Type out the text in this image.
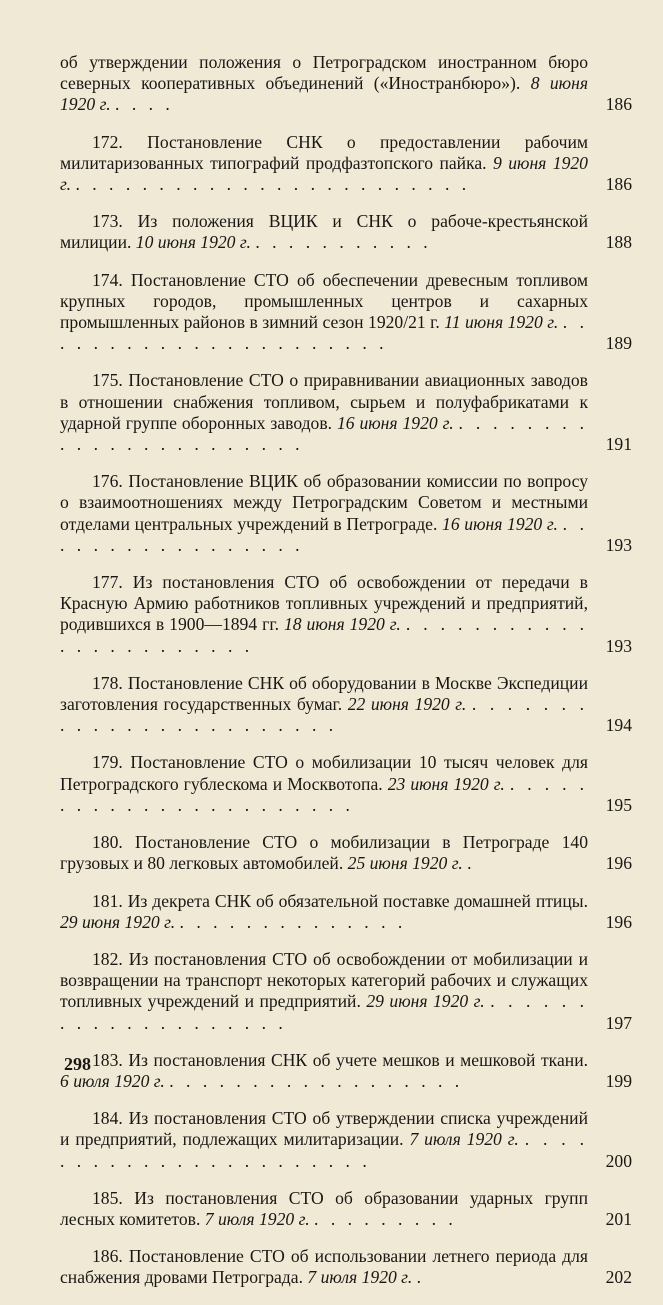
об утверждении положения о Петроградском иностранном бюро северных кооперативных объединений («Иностранбюро»). 8 июня 1920 г. . . . .	186

172. Постановление СНК о предоставлении рабочим милитаризованных типографий продфазтопского пайка. 9 июня 1920 г. . . . . . . . . . . . . . . . . . . . . . . . .	186

173. Из положения ВЦИК и СНК о рабоче-крестьянской милиции. 10 июня 1920 г. . . . . . . . . . . .	188

174. Постановление СТО об обеспечении древесным топливом крупных городов, промышленных центров и сахарных промышленных районов в зимний сезон 1920/21 г. 11 июня 1920 г. . . . . . . . . . . . . . . . . . . . . . .	189

175. Постановление СТО о приравнивании авиационных заводов в отношении снабжения топливом, сырьем и полуфабрикатами к ударной группе оборонных заводов. 16 июня 1920 г. . . . . . . . . . . . . . . . . . . . . . . .	191

176. Постановление ВЦИК об образовании комиссии по вопросу о взаимоотношениях между Петроградским Советом и местными отделами центральных учреждений в Петрограде. 16 июня 1920 г. . . . . . . . . . . . . . . . . .	193

177. Из постановления СТО об освобождении от передачи в Красную Армию работников топливных учреждений и предприятий, родившихся в 1900—1894 гг. 18 июня 1920 г. . . . . . . . . . . . . . . . . . . . . . . .	193

178. Постановление СНК об оборудовании в Москве Экспедиции заготовления государственных бумаг. 22 июня 1920 г. . . . . . . . . . . . . . . . . . . . . . . . .	194

179. Постановление СТО о мобилизации 10 тысяч человек для Петроградского гублескома и Москвотопа. 23 июня 1920 г. . . . . . . . . . . . . . . . . . . . . . . .	195

180. Постановление СТО о мобилизации в Петрограде 140 грузовых и 80 легковых автомобилей. 25 июня 1920 г. .	196

181. Из декрета СНК об обязательной поставке домашней птицы. 29 июня 1920 г. . . . . . . . . . . . . . .	196

182. Из постановления СТО об освобождении от мобилизации и возвращении на транспорт некоторых категорий рабочих и служащих топливных учреждений и предприятий. 29 июня 1920 г. . . . . . . . . . . . . . . . . . . . .	197

183. Из постановления СНК об учете мешков и мешковой ткани. 6 июля 1920 г. . . . . . . . . . . . . . . . . . .	199

184. Из постановления СТО об утверждении списка учреждений и предприятий, подлежащих милитаризации. 7 июля 1920 г. . . . . . . . . . . . . . . . . . . . . . . .	200

185. Из постановления СТО об образовании ударных групп лесных комитетов. 7 июля 1920 г. . . . . . . . . .	201

186. Постановление СТО об использовании летнего периода для снабжения дровами Петрограда. 7 июля 1920 г. .	202
298
